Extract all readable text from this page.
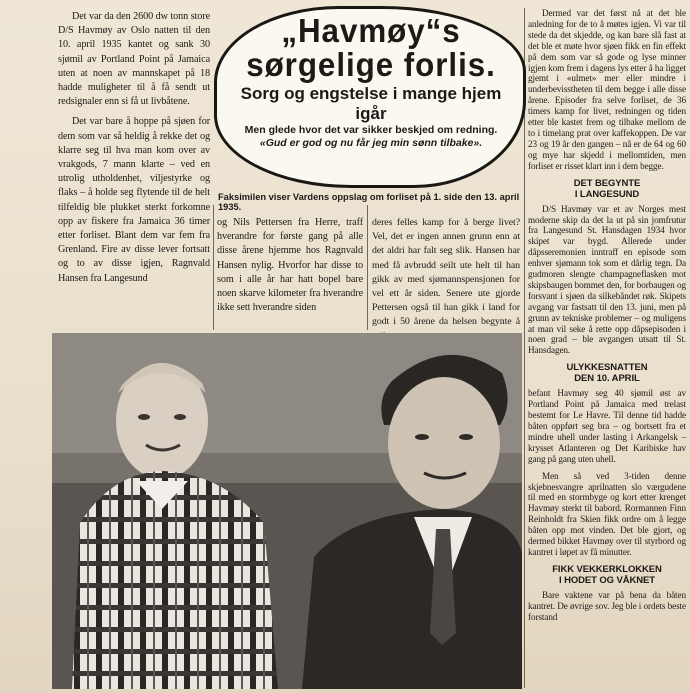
Det var da den 2600 dw tonn store D/S Havmøy av Oslo natten til den 10. april 1935 kantet og sank 30 sjømil av Portland Point på Jamaica uten at noen av mannskapet på 18 hadde muligheter til å få sendt ut redsignaler enn si få ut livbåtene.

Det var bare å hoppe på sjøen for dem som var så heldig å rekke det og klarre seg til hva man kom over av vrakgods, 7 mann klarte – ved en utrolig utholdenhet, viljestyrke og flaks – å holde seg flytende til de helt tilfeldig ble plukket sterkt forkomne opp av fiskere fra Jamaica 36 timer etter forliset. Blant dem var fem fra Grenland. Fire av disse lever fortsatt og to av disse igjen, Ragnvald Hansen fra Langesund

„Havmøy“s
sørgelige forlis.
Sorg og engstelse i mange hjem igår
Men glede hvor det var sikker beskjed om redning.
«Gud er god og nu får jeg min sønn tilbake».
Faksimilen viser Vardens oppslag om forliset på 1. side den 13. april 1935.

og Nils Pettersen fra Herre, traff hverandre for første gang på alle disse årene hjemme hos Ragnvald Hansen nylig. Hvorfor har disse to som i alle år har hatt bopel bare noen skarve kilometer fra hverandre ikke sett hverandre siden

deres felles kamp for å berge livet? Vel, det er ingen annen grunn enn at det aldri har falt seg slik. Hansen har med få avbrudd seilt ute helt til han gikk av med sjømannspensjonen for vel ett år siden. Senere ute gjorde Pettersen også til han gikk i land for godt i 50 årene da helsen begynte å

Dermed var det først nå at det ble anledning for de to å møtes igjen. Vi var til stede da det skjedde, og kan bare slå fast at det ble et møte hvor sjøen fikk en fin effekt på dem som var så gode og lyse minner igjen kom frem i dagens lys etter å ha ligget gjemt i «ulmet» mer eller mindre i underbevisstheten til dem begge i alle disse årene. Episoder fra selve forliset, de 36 timers kamp for livet, redningen og tiden etter ble kastet frem og tilbake mellom de to i timelang prat over kaffekoppen. De var 23 og 19 år den gangen – nå er de 64 og 60 og mye har skjedd i mellomtiden, men forliset er risset klart inn i dem begge.

DET BEGYNTE
I LANGESUND

D/S Havmøy var et av Norges mest moderne skip da det la ut på sin jomfrutur fra Langesund St. Hansdagen 1934 hvor skipet var bygd. Allerede under dåpsseremonien inntraff en episode som enhver sjømann tok som et dårlig tegn. Da gudmoren slengte champagneflasken mot skipsbaugen bommet den, for borbaugen og forsvant i sjøen da silkebåndet røk. Skipets avgang var fastsatt til den 13. juni, men på grunn av tekniske problemer – og muligens at man vil seke å rette opp dåpsepisoden i noen grad – ble avgangen utsatt til St. Hansdagen.

ULYKKESNATTEN
DEN 10. APRIL

befant Havmøy seg 40 sjømil øst av Portland Point på Jamaica med trelast bestemt for Le Havre. Til denne tid hadde båten oppført seg bra – og bortsett fra et mindre uhell under lasting i Arkangelsk – krysset Atlanteren og Det Karibiske hav gang på gang uten uhell.

Men så ved 3-tiden denne skjebnesvangre aprilnatten slo værgudene til med en stormbyge og kort etter krenget Havmøy sterkt til babord. Rormannen Finn Reinholdt fra Skien fikk ordre om å legge båten opp mot vinden. Det ble gjort, og dermed bikket Havmøy over til styrbord og kantret i løpet av få minutter.

FIKK VEKKERKLOKKEN
I HODET OG VÅKNET

Bare vaktene var på benа da båten kantret. De øvrige sov. Jeg ble i ordets beste forstand
